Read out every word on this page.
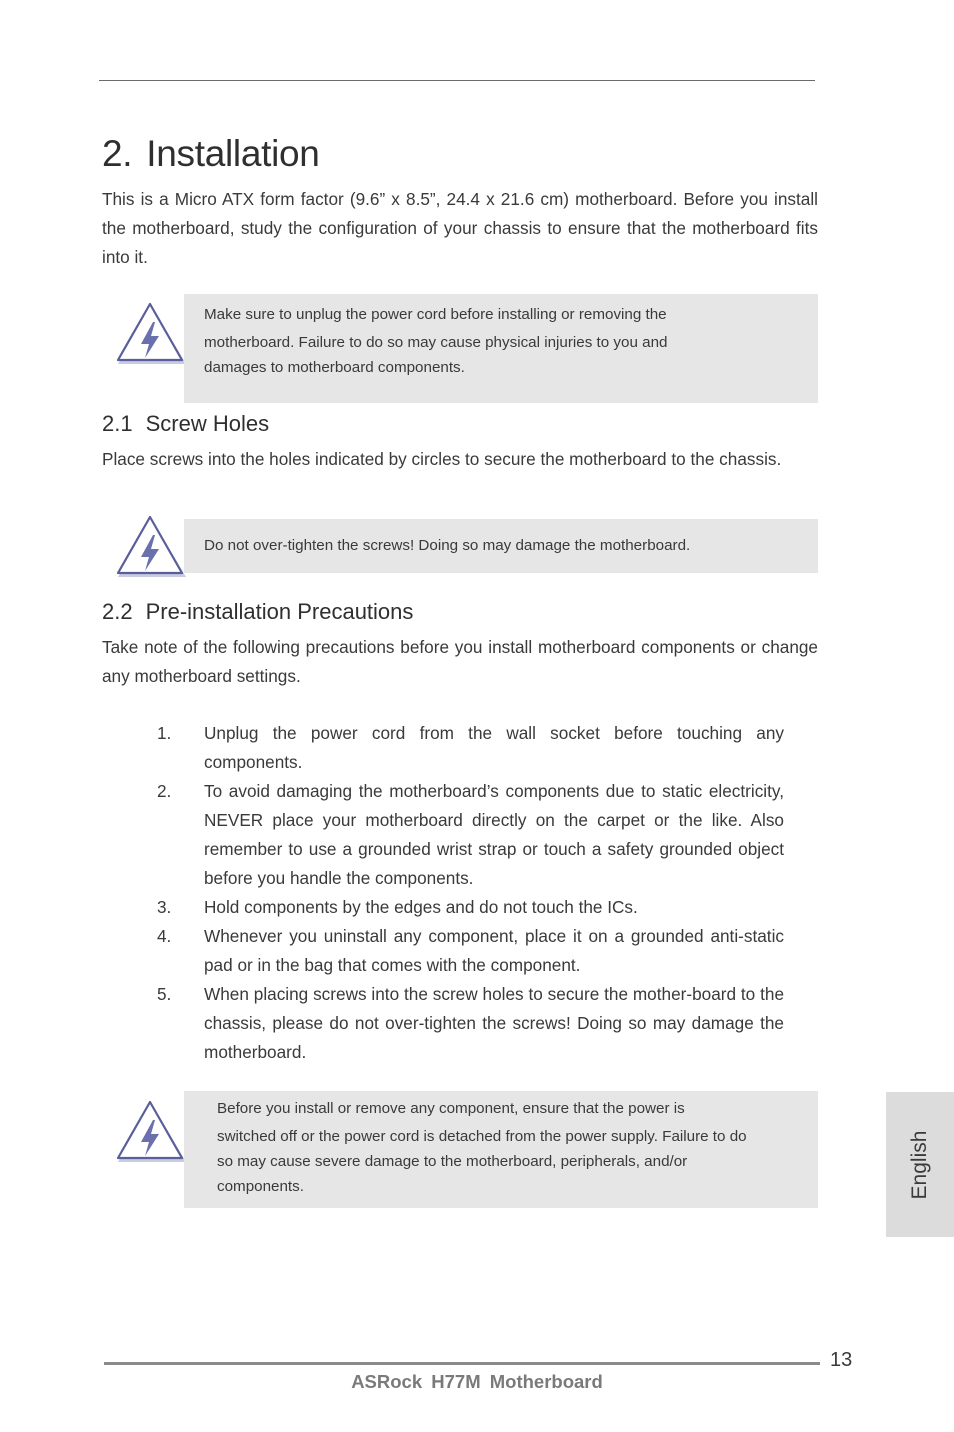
2. Installation

This is a Micro ATX form factor (9.6” x 8.5”, 24.4 x 21.6 cm) motherboard. Before you install the motherboard, study the configuration of your chassis to ensure that the motherboard fits into it.

Make sure to unplug the power cord before installing or removing the

motherboard. Failure to do so may cause physical injuries to you and

damages to motherboard components.

2.1 Screw Holes

Place screws into the holes indicated by circles to secure the motherboard to the chassis.

Do not over-tighten the screws! Doing so may damage the motherboard.

2.2 Pre-installation Precautions

Take note of the following precautions before you install motherboard components or change any motherboard settings.

1.	Unplug the power cord from the wall socket before touching any components.
2.	To avoid damaging the motherboard’s components due to static electricity, NEVER place your motherboard directly on the carpet or the like. Also remember to use a grounded wrist strap or touch a safety grounded object before you handle the components.
3.	Hold components by the edges and do not touch the ICs.
4.	Whenever you uninstall any component, place it on a grounded anti-static pad or in the bag that comes with the component.
5.	When placing screws into the screw holes to secure the mother-board to the chassis, please do not over-tighten the screws! Doing so may damage the motherboard.

Before you install or remove any component, ensure that the power is

switched off or the power cord is detached from the power supply. Failure to do

so may cause severe damage to the motherboard, peripherals, and/or

components.	English
13
ASRock H77M Motherboard
